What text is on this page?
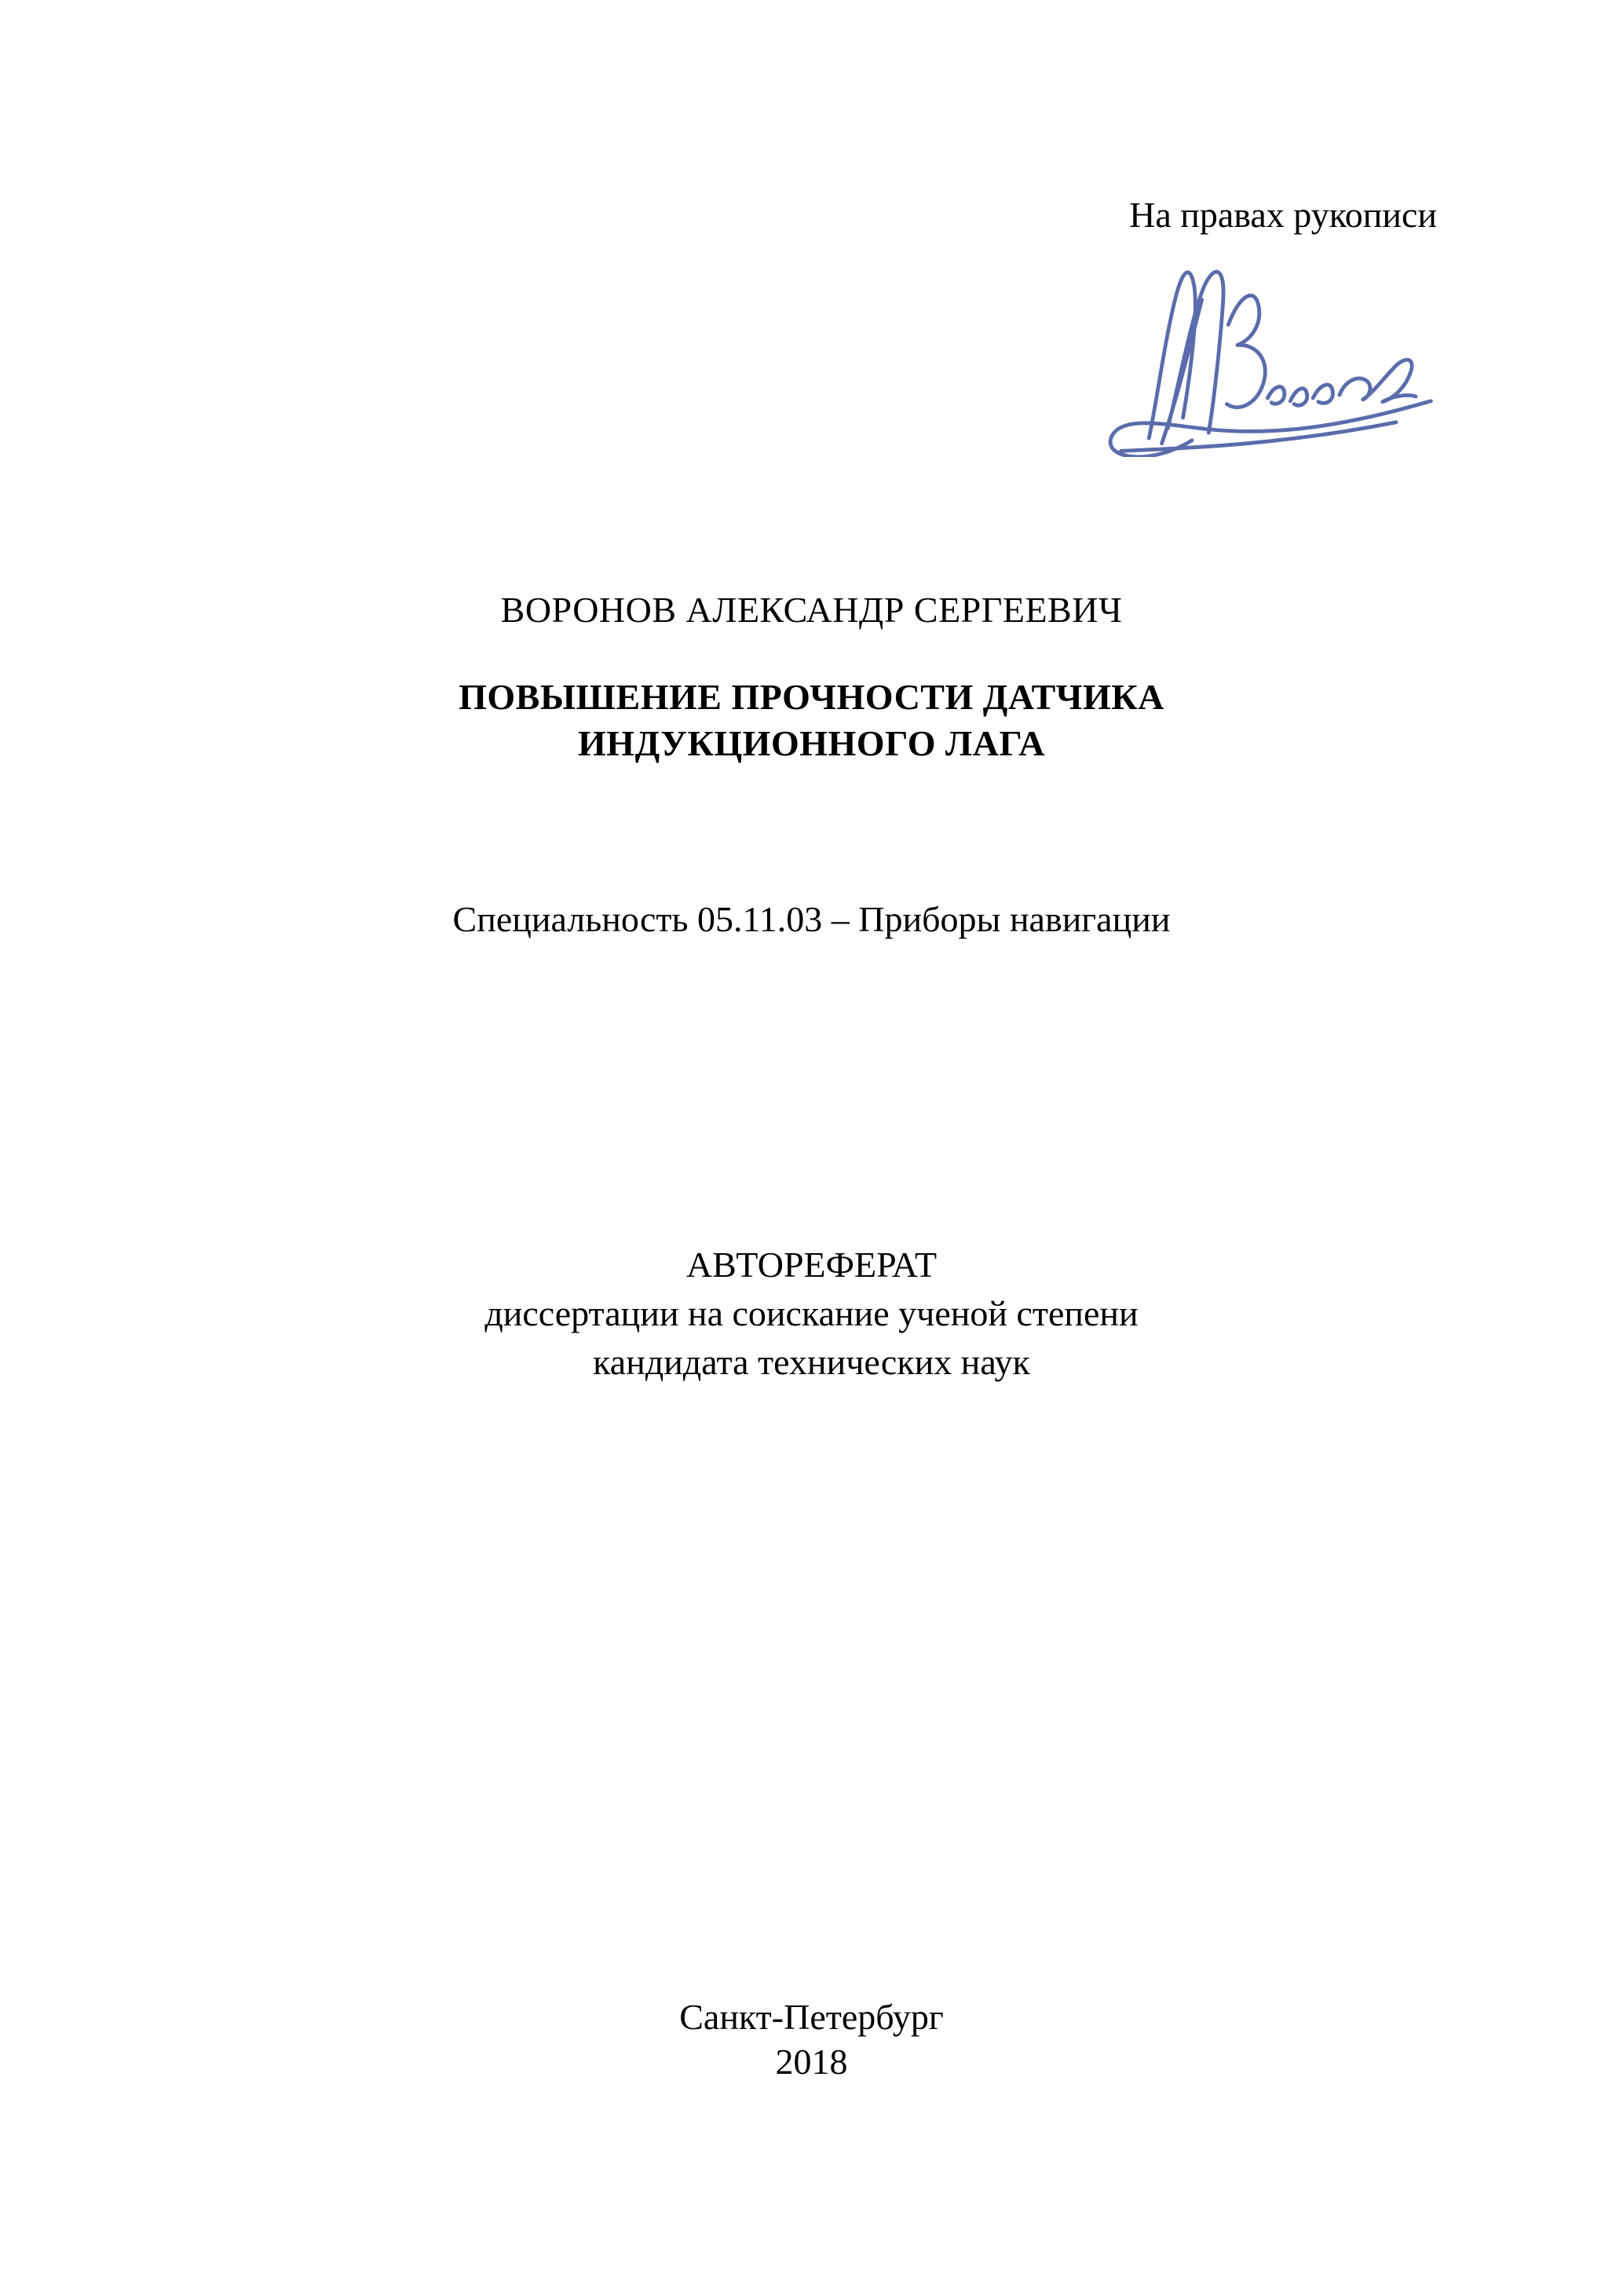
На правах рукописи
ВОРОНОВ АЛЕКСАНДР СЕРГЕЕВИЧ
ПОВЫШЕНИЕ ПРОЧНОСТИ ДАТЧИКА
ИНДУКЦИОННОГО ЛАГА
Специальность 05.11.03 – Приборы навигации
АВТОРЕФЕРАТ
диссертации на соискание ученой степени
кандидата технических наук
Санкт-Петербург
2018
